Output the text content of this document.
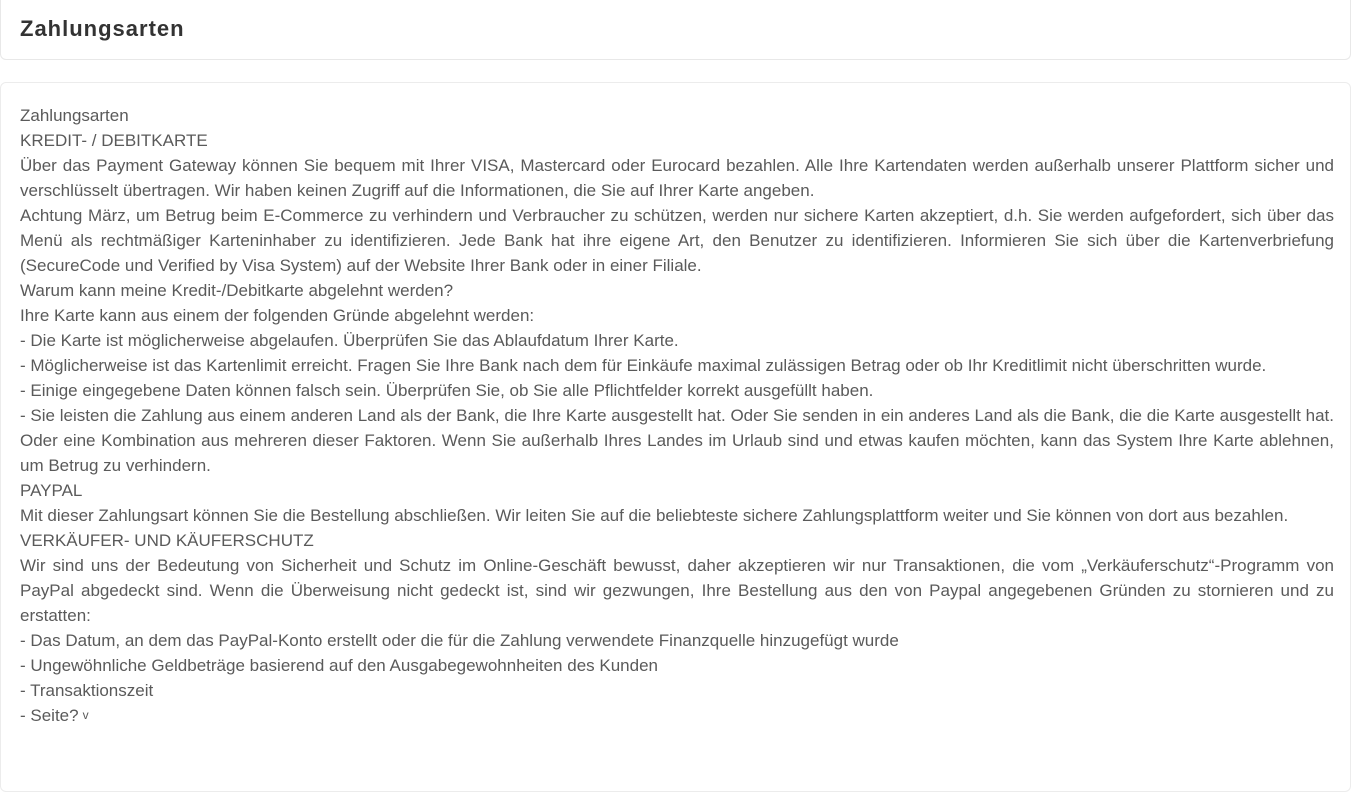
Zahlungsarten

Zahlungsarten

KREDIT- / DEBITKARTE

Über das Payment Gateway können Sie bequem mit Ihrer VISA, Mastercard oder Eurocard bezahlen. Alle Ihre Kartendaten werden außerhalb unserer Plattform sicher und verschlüsselt übertragen. Wir haben keinen Zugriff auf die Informationen, die Sie auf Ihrer Karte angeben.

Achtung März, um Betrug beim E-Commerce zu verhindern und Verbraucher zu schützen, werden nur sichere Karten akzeptiert, d.h. Sie werden aufgefordert, sich über das Menü als rechtmäßiger Karteninhaber zu identifizieren. Jede Bank hat ihre eigene Art, den Benutzer zu identifizieren. Informieren Sie sich über die Kartenverbriefung (SecureCode und Verified by Visa System) auf der Website Ihrer Bank oder in einer Filiale.

Warum kann meine Kredit-/Debitkarte abgelehnt werden?

Ihre Karte kann aus einem der folgenden Gründe abgelehnt werden:

- Die Karte ist möglicherweise abgelaufen. Überprüfen Sie das Ablaufdatum Ihrer Karte.

- Möglicherweise ist das Kartenlimit erreicht. Fragen Sie Ihre Bank nach dem für Einkäufe maximal zulässigen Betrag oder ob Ihr Kreditlimit nicht überschritten wurde.

- Einige eingegebene Daten können falsch sein. Überprüfen Sie, ob Sie alle Pflichtfelder korrekt ausgefüllt haben.

- Sie leisten die Zahlung aus einem anderen Land als der Bank, die Ihre Karte ausgestellt hat. Oder Sie senden in ein anderes Land als die Bank, die die Karte ausgestellt hat. Oder eine Kombination aus mehreren dieser Faktoren. Wenn Sie außerhalb Ihres Landes im Urlaub sind und etwas kaufen möchten, kann das System Ihre Karte ablehnen, um Betrug zu verhindern.

PAYPAL

Mit dieser Zahlungsart können Sie die Bestellung abschließen. Wir leiten Sie auf die beliebteste sichere Zahlungsplattform weiter und Sie können von dort aus bezahlen.

VERKÄUFER- UND KÄUFERSCHUTZ

Wir sind uns der Bedeutung von Sicherheit und Schutz im Online-Geschäft bewusst, daher akzeptieren wir nur Transaktionen, die vom „Verkäuferschutz“-Programm von PayPal abgedeckt sind. Wenn die Überweisung nicht gedeckt ist, sind wir gezwungen, Ihre Bestellung aus den von Paypal angegebenen Gründen zu stornieren und zu erstatten:

- Das Datum, an dem das PayPal-Konto erstellt oder die für die Zahlung verwendete Finanzquelle hinzugefügt wurde

- Ungewöhnliche Geldbeträge basierend auf den Ausgabegewohnheiten des Kunden

- Transaktionszeit

- Seite? v
